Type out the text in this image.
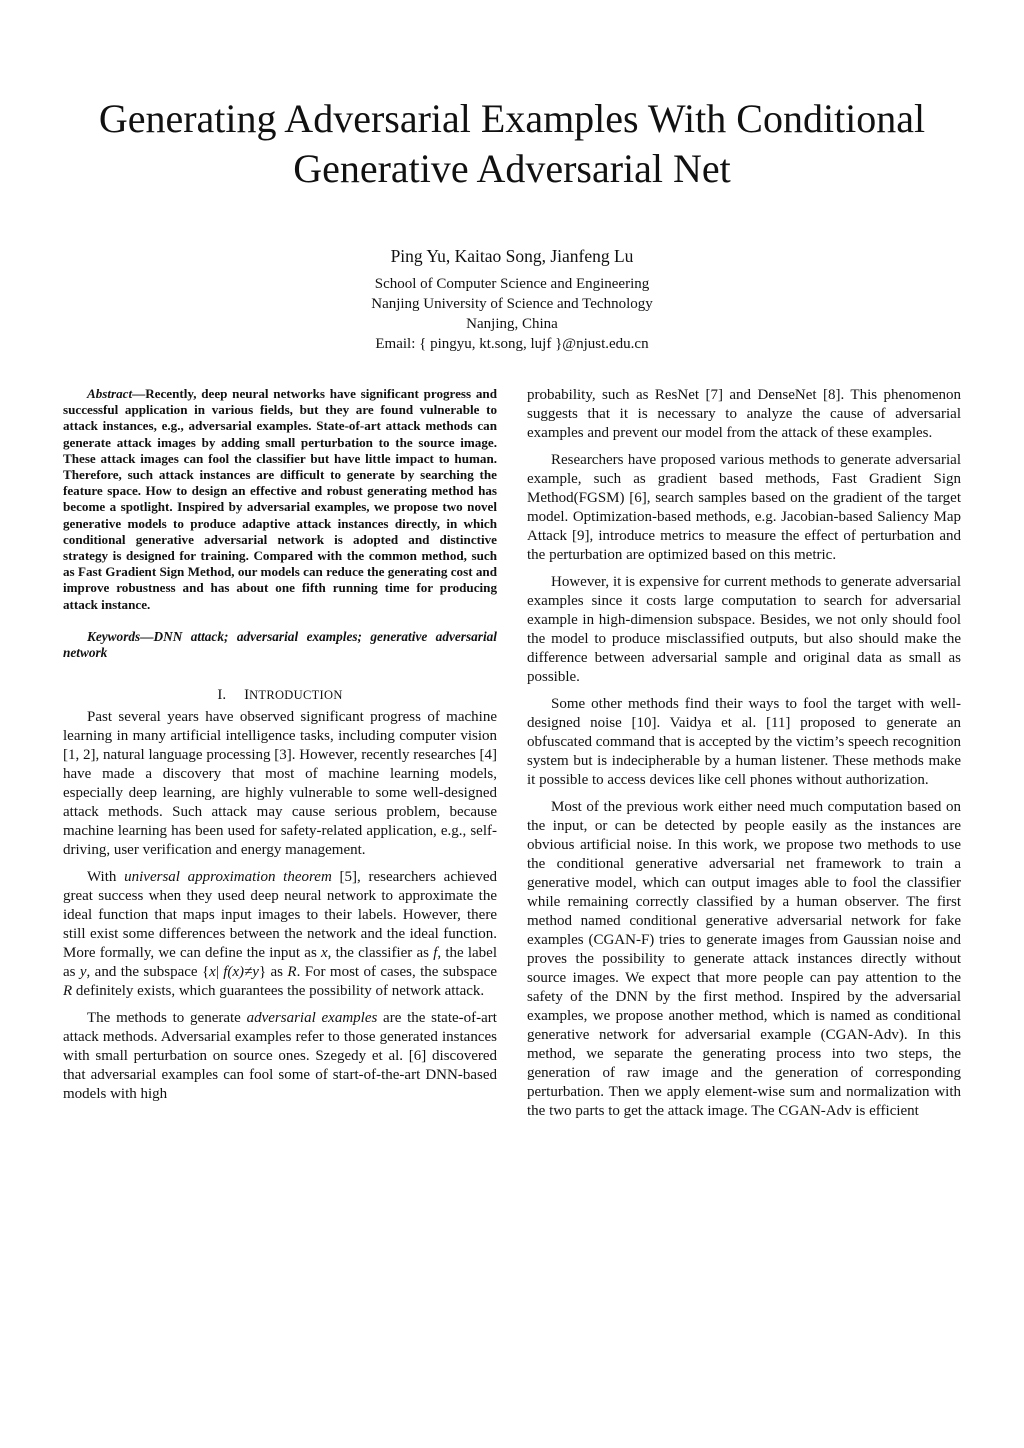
Generating Adversarial Examples With Conditional Generative Adversarial Net
Ping Yu, Kaitao Song, Jianfeng Lu
School of Computer Science and Engineering
Nanjing University of Science and Technology
Nanjing, China
Email: { pingyu, kt.song, lujf }@njust.edu.cn

Abstract—Recently, deep neural networks have significant progress and successful application in various fields, but they are found vulnerable to attack instances, e.g., adversarial examples. State-of-art attack methods can generate attack images by adding small perturbation to the source image. These attack images can fool the classifier but have little impact to human. Therefore, such attack instances are difficult to generate by searching the feature space. How to design an effective and robust generating method has become a spotlight. Inspired by adversarial examples, we propose two novel generative models to produce adaptive attack instances directly, in which conditional generative adversarial network is adopted and distinctive strategy is designed for training. Compared with the common method, such as Fast Gradient Sign Method, our models can reduce the generating cost and improve robustness and has about one fifth running time for producing attack instance.

Keywords—DNN attack; adversarial examples; generative adversarial network

I. INTRODUCTION

Past several years have observed significant progress of machine learning in many artificial intelligence tasks, including computer vision [1, 2], natural language processing [3]. However, recently researches [4] have made a discovery that most of machine learning models, especially deep learning, are highly vulnerable to some well-designed attack methods. Such attack may cause serious problem, because machine learning has been used for safety-related application, e.g., self-driving, user verification and energy management.

With universal approximation theorem [5], researchers achieved great success when they used deep neural network to approximate the ideal function that maps input images to their labels. However, there still exist some differences between the network and the ideal function. More formally, we can define the input as x, the classifier as f, the label as y, and the subspace {x| f(x)≠y} as R. For most of cases, the subspace R definitely exists, which guarantees the possibility of network attack.

The methods to generate adversarial examples are the state-of-art attack methods. Adversarial examples refer to those generated instances with small perturbation on source ones. Szegedy et al. [6] discovered that adversarial examples can fool some of start-of-the-art DNN-based models with high

probability, such as ResNet [7] and DenseNet [8]. This phenomenon suggests that it is necessary to analyze the cause of adversarial examples and prevent our model from the attack of these examples.

Researchers have proposed various methods to generate adversarial example, such as gradient based methods, Fast Gradient Sign Method(FGSM) [6], search samples based on the gradient of the target model. Optimization-based methods, e.g. Jacobian-based Saliency Map Attack [9], introduce metrics to measure the effect of perturbation and the perturbation are optimized based on this metric.

However, it is expensive for current methods to generate adversarial examples since it costs large computation to search for adversarial example in high-dimension subspace. Besides, we not only should fool the model to produce misclassified outputs, but also should make the difference between adversarial sample and original data as small as possible.

Some other methods find their ways to fool the target with well-designed noise [10]. Vaidya et al. [11] proposed to generate an obfuscated command that is accepted by the victim’s speech recognition system but is indecipherable by a human listener. These methods make it possible to access devices like cell phones without authorization.

Most of the previous work either need much computation based on the input, or can be detected by people easily as the instances are obvious artificial noise. In this work, we propose two methods to use the conditional generative adversarial net framework to train a generative model, which can output images able to fool the classifier while remaining correctly classified by a human observer. The first method named conditional generative adversarial network for fake examples (CGAN-F) tries to generate images from Gaussian noise and proves the possibility to generate attack instances directly without source images. We expect that more people can pay attention to the safety of the DNN by the first method. Inspired by the adversarial examples, we propose another method, which is named as conditional generative network for adversarial example (CGAN-Adv). In this method, we separate the generating process into two steps, the generation of raw image and the generation of corresponding perturbation. Then we apply element-wise sum and normalization with the two parts to get the attack image. The CGAN-Adv is efficient
